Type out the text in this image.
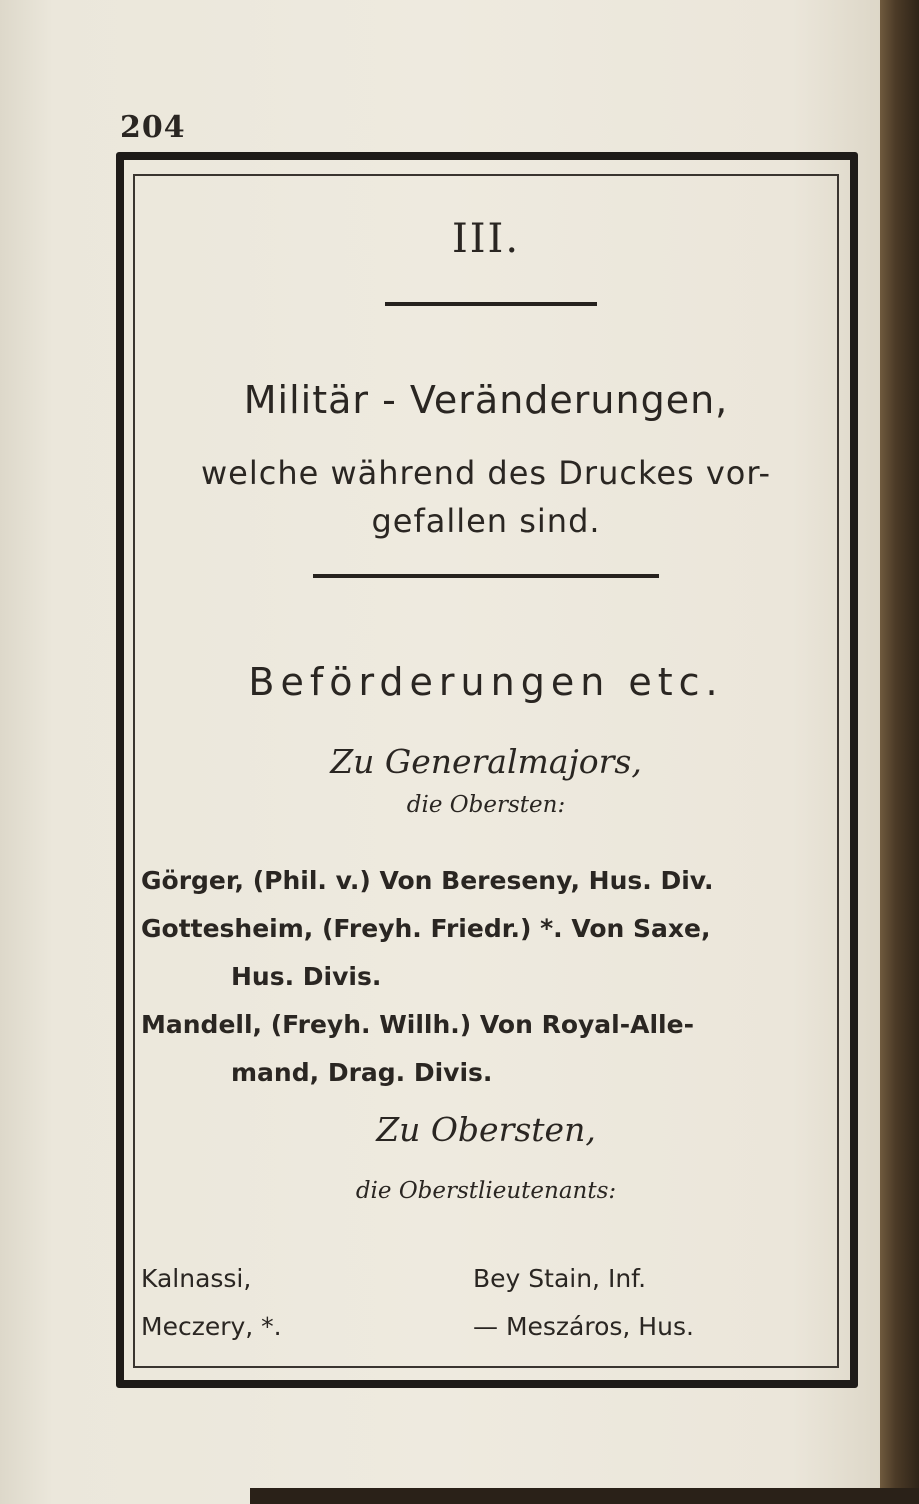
204
III.
Militär - Veränderungen,
welche während des Druckes vor-
gefallen sind.
Beförderungen etc.
Zu Generalmajors,
die Obersten:
Görger, (Phil. v.) Von Bereseny, Hus. Div.
Gottesheim, (Freyh. Friedr.) *. Von Saxe,
Hus. Divis.
Mandell, (Freyh. Willh.) Von Royal-Alle-
mand, Drag. Divis.
Zu Obersten,
die Oberstlieutenants:
Kalnassi,	Bey Stain, Inf.
Meczery, *.	— Meszáros, Hus.
